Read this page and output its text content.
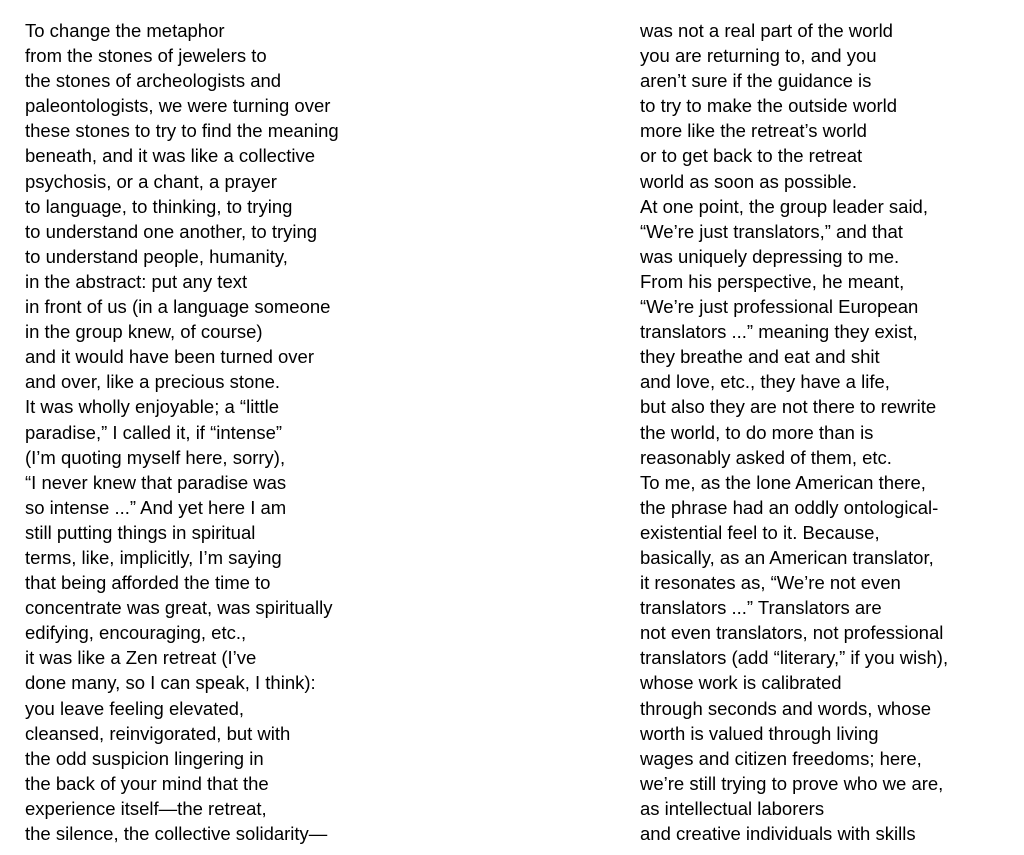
To change the metaphor
from the stones of jewelers to
the stones of archeologists and
paleontologists, we were turning over
these stones to try to find the meaning
beneath, and it was like a collective
psychosis, or a chant, a prayer
to language, to thinking, to trying
to understand one another, to trying
to understand people, humanity,
in the abstract: put any text
in front of us (in a language someone
in the group knew, of course)
and it would have been turned over
and over, like a precious stone.
It was wholly enjoyable; a “little
paradise,” I called it, if “intense”
(I’m quoting myself here, sorry),
“I never knew that paradise was
so intense ...” And yet here I am
still putting things in spiritual
terms, like, implicitly, I’m saying
that being afforded the time to
concentrate was great, was spiritually
edifying, encouraging, etc.,
it was like a Zen retreat (I’ve
done many, so I can speak, I think):
you leave feeling elevated,
cleansed, reinvigorated, but with
the odd suspicion lingering in
the back of your mind that the
experience itself—the retreat,
the silence, the collective solidarity—
was not a real part of the world
you are returning to, and you
aren’t sure if the guidance is
to try to make the outside world
more like the retreat’s world
or to get back to the retreat
world as soon as possible.
At one point, the group leader said,
“We’re just translators,” and that
was uniquely depressing to me.
From his perspective, he meant,
“We’re just professional European
translators ...” meaning they exist,
they breathe and eat and shit
and love, etc., they have a life,
but also they are not there to rewrite
the world, to do more than is
reasonably asked of them, etc.
To me, as the lone American there,
the phrase had an oddly ontological-
existential feel to it. Because,
basically, as an American translator,
it resonates as, “We’re not even
translators ...” Translators are
not even translators, not professional
translators (add “literary,” if you wish),
whose work is calibrated
through seconds and words, whose
worth is valued through living
wages and citizen freedoms; here,
we’re still trying to prove who we are,
as intellectual laborers
and creative individuals with skills
